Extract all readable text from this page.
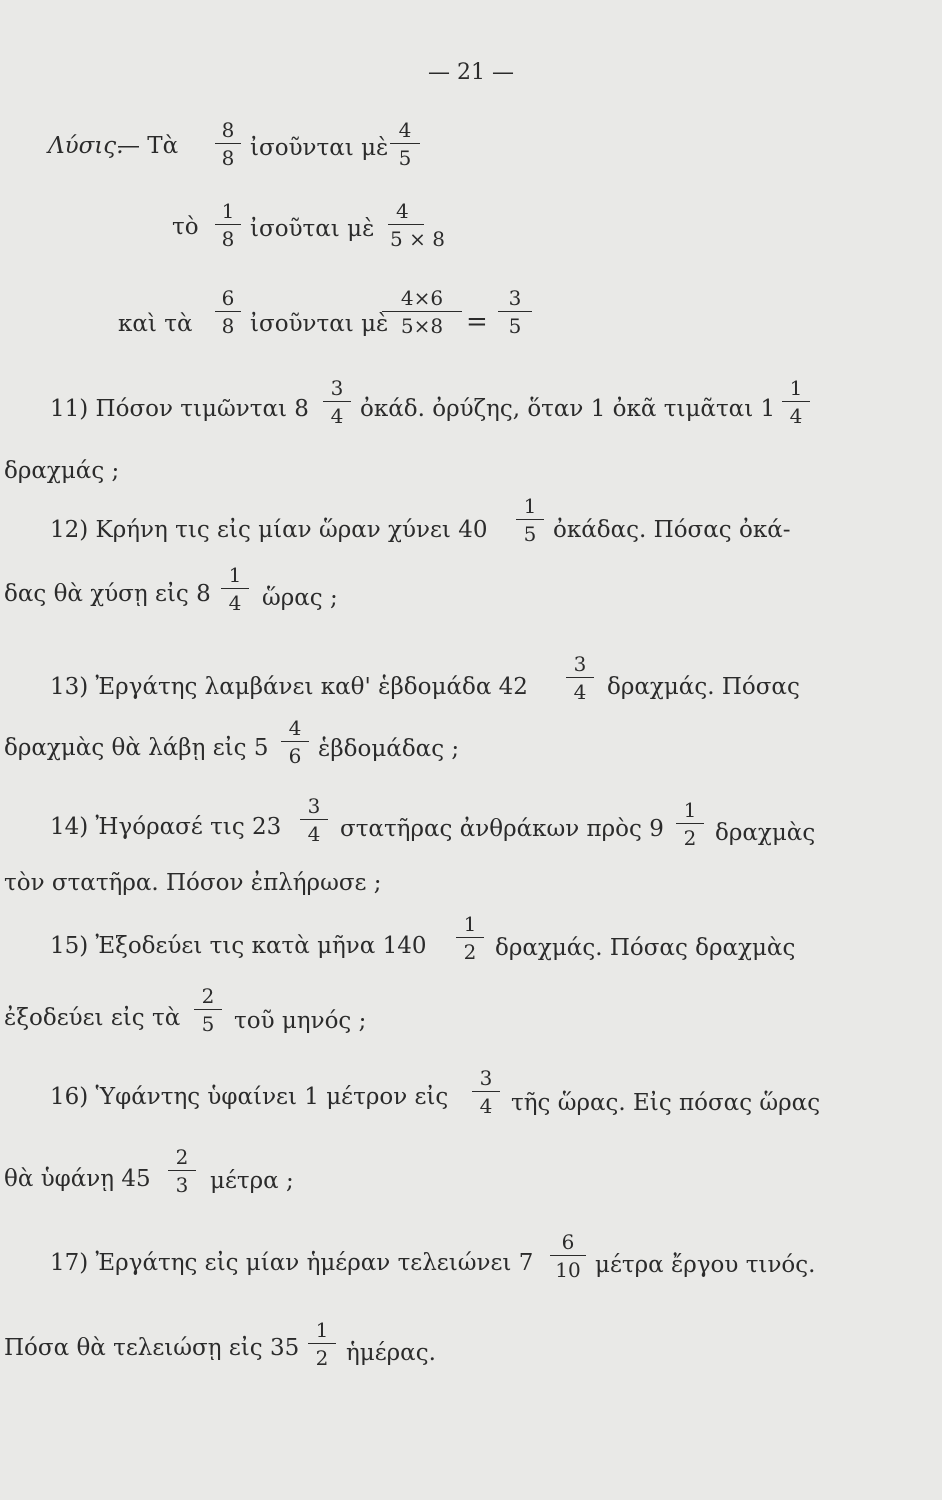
— 21 —
Λύσις.
— Τὰ
8
8 ἰσοῦνται μὲ
4
5
τὸ
1
8 ἰσοῦται μὲ
4
5 × 8
καὶ τὰ
6
8 ἰσοῦνται μὲ
4×6
5×8 =
3
5
11) Πόσον τιμῶνται 8
3
4 ὀκάδ. ὀρύζης, ὅταν 1 ὀκᾶ τιμᾶται 1
1
4
δραχμάς ;
12) Κρήνη τις εἰς μίαν ὥραν χύνει 40
1
5 ὀκάδας. Πόσας ὀκά-
δας θὰ χύσῃ εἰς 8
1
4 ὥρας ;
13) Ἐργάτης λαμβάνει καθ' ἑβδομάδα 42
3
4 δραχμάς. Πόσας
δραχμὰς θὰ λάβῃ εἰς 5
4
6 ἑβδομάδας ;
14) Ἠγόρασέ τις 23
3
4 στατῆρας ἀνθράκων πρὸς 9
1
2 δραχμὰς
τὸν στατῆρα. Πόσον ἐπλήρωσε ;
15) Ἐξοδεύει τις κατὰ μῆνα 140
1
2 δραχμάς. Πόσας δραχμὰς
ἐξοδεύει εἰς τὰ
2
5 τοῦ μηνός ;
16) Ὑφάντης ὑφαίνει 1 μέτρον εἰς
3
4 τῆς ὥρας. Εἰς πόσας ὥρας
θὰ ὑφάνῃ 45
2
3 μέτρα ;
17) Ἐργάτης εἰς μίαν ἡμέραν τελειώνει 7
6
10 μέτρα ἔργου τινός.
Πόσα θὰ τελειώσῃ εἰς 35
1
2 ἡμέρας.
